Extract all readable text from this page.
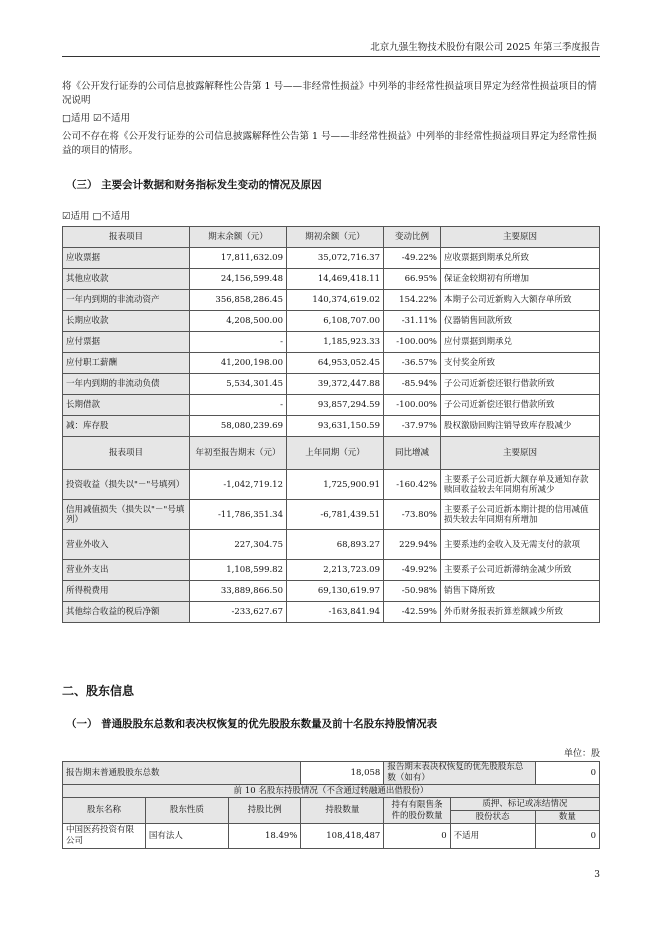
北京九强生物技术股份有限公司 2025 年第三季度报告

将《公开发行证券的公司信息披露解释性公告第 1 号——非经常性损益》中列举的非经常性损益项目界定为经常性损益项目的情况说明

□适用 ☑不适用

公司不存在将《公开发行证券的公司信息披露解释性公告第 1 号——非经常性损益》中列举的非经常性损益项目界定为经常性损益的项目的情形。

（三） 主要会计数据和财务指标发生变动的情况及原因
☑适用 □不适用
报表项目	期末余额（元）	期初余额（元）	变动比例	主要原因
应收票据	17,811,632.09	35,072,716.37	-49.22%	应收票据到期承兑所致
其他应收款	24,156,599.48	14,469,418.11	66.95%	保证金较期初有所增加
一年内到期的非流动资产	356,858,286.45	140,374,619.02	154.22%	本期子公司近新购入大额存单所致
长期应收款	4,208,500.00	6,108,707.00	-31.11%	仪器销售回款所致
应付票据	-	1,185,923.33	-100.00%	应付票据到期承兑
应付职工薪酬	41,200,198.00	64,953,052.45	-36.57%	支付奖金所致
一年内到期的非流动负债	5,534,301.45	39,372,447.88	-85.94%	子公司近新偿还银行借款所致
长期借款	-	93,857,294.59	-100.00%	子公司近新偿还银行借款所致
减：库存股	58,080,239.69	93,631,150.59	-37.97%	股权激励回购注销导致库存股减少
报表项目	年初至报告期末（元）	上年同期（元）	同比增减	主要原因
投资收益（损失以"－"号填列）	-1,042,719.12	1,725,900.91	-160.42%	主要系子公司近新大额存单及通知存款赎回收益较去年同期有所减少
信用减值损失（损失以"－"号填列）	-11,786,351.34	-6,781,439.51	-73.80%	主要系子公司近新本期计提的信用减值损失较去年同期有所增加
营业外收入	227,304.75	68,893.27	229.94%	主要系违约金收入及无需支付的款项
营业外支出	1,108,599.82	2,213,723.09	-49.92%	主要系子公司近新滞纳金减少所致
所得税费用	33,889,866.50	69,130,619.97	-50.98%	销售下降所致
其他综合收益的税后净额	-233,627.67	-163,841.94	-42.59%	外币财务报表折算差额减少所致
二、股东信息
（一） 普通股股东总数和表决权恢复的优先股股东数量及前十名股东持股情况表
单位：股
报告期末普通股股东总数			18,058	报告期末表决权恢复的优先股股东总数（如有）		0
前 10 名股东持股情况（不含通过转融通出借股份）						
股东名称	股东性质	持股比例	持股数量	持有有限售条件的股份数量	质押、标记或冻结情况	
					股份状态	数量
中国医药投资有限公司	国有法人	18.49%	108,418,487	0	不适用	0
3
